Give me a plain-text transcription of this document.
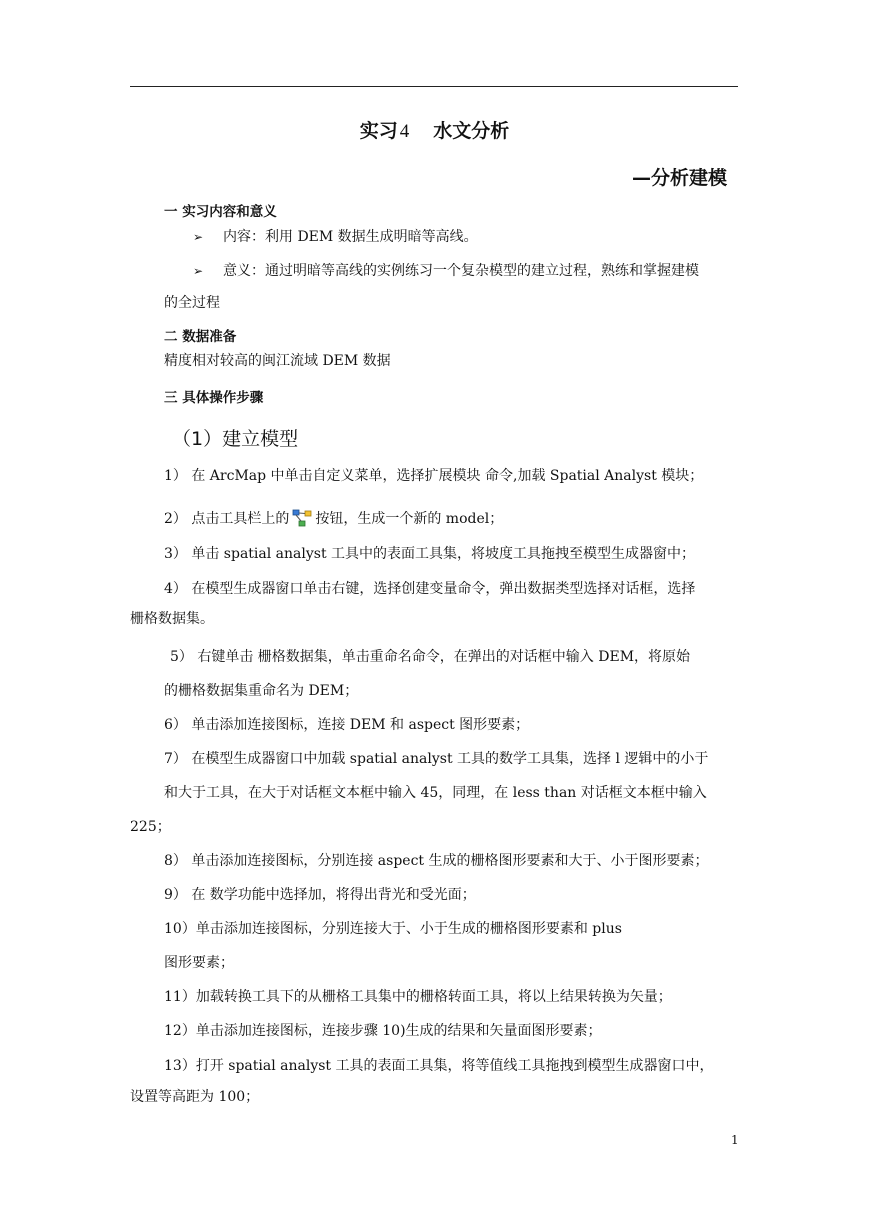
实习 4 水文分析
—分析建模
一 实习内容和意义
➢ 内容：利用 DEM 数据生成明暗等高线。
➢ 意义：通过明暗等高线的实例练习一个复杂模型的建立过程，熟练和掌握建模
的全过程
二 数据准备
精度相对较高的闽江流域 DEM 数据
三 具体操作步骤
（1）建立模型
1） 在 ArcMap 中单击自定义菜单，选择扩展模块 命令,加载 Spatial Analyst 模块；
2） 点击工具栏上的 按钮，生成一个新的 model；
3） 单击 spatial analyst 工具中的表面工具集，将坡度工具拖拽至模型生成器窗中；
4） 在模型生成器窗口单击右键，选择创建变量命令，弹出数据类型选择对话框，选择
栅格数据集。
5） 右键单击 栅格数据集，单击重命名命令，在弹出的对话框中输入 DEM，将原始
的栅格数据集重命名为 DEM；
6） 单击添加连接图标，连接 DEM 和 aspect 图形要素；
7） 在模型生成器窗口中加载 spatial analyst 工具的数学工具集，选择 l 逻辑中的小于
和大于工具，在大于对话框文本框中输入 45，同理，在 less than 对话框文本框中输入
225；
8） 单击添加连接图标，分别连接 aspect 生成的栅格图形要素和大于、小于图形要素；
9） 在 数学功能中选择加，将得出背光和受光面；
10）单击添加连接图标，分别连接大于、小于生成的栅格图形要素和 plus
图形要素；
11）加载转换工具下的从栅格工具集中的栅格转面工具，将以上结果转换为矢量；
12）单击添加连接图标，连接步骤 10)生成的结果和矢量面图形要素；
13）打开 spatial analyst 工具的表面工具集，将等值线工具拖拽到模型生成器窗口中，
设置等高距为 100；
1
